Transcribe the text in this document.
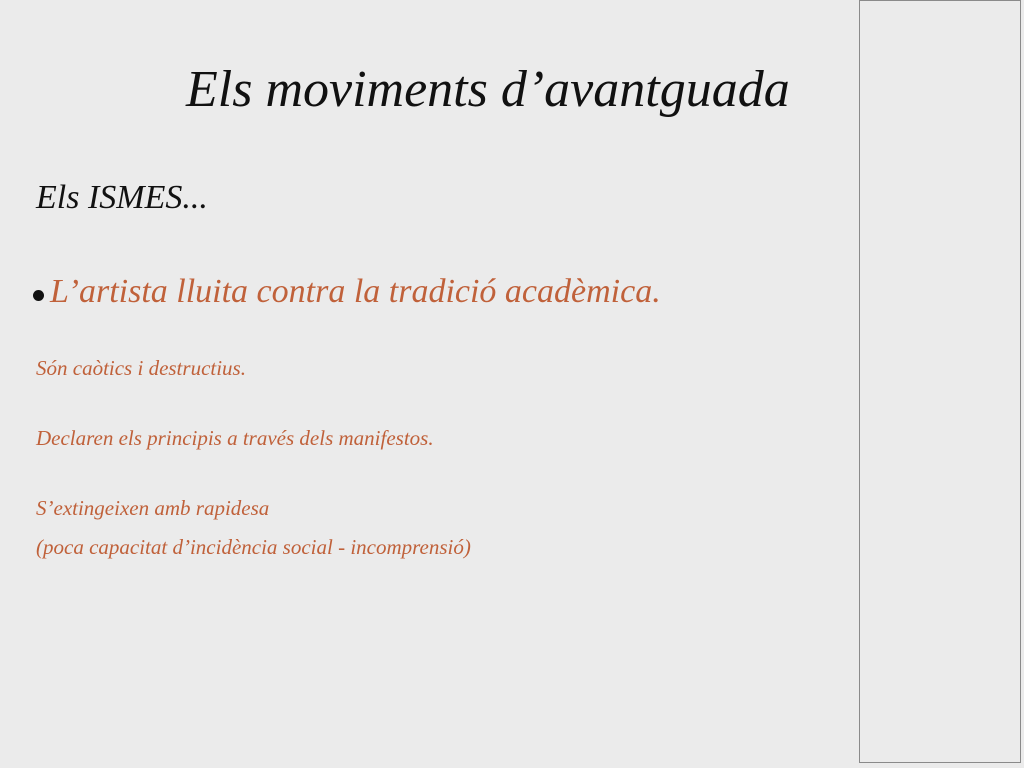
Els moviments d’avantguada
Els ISMES...
L’artista lluita contra la tradició acadèmica.
Són caòtics i destructius.
Declaren els principis a través dels manifestos.
S’extingeixen amb rapidesa
(poca capacitat d’incidència social - incomprensió)
